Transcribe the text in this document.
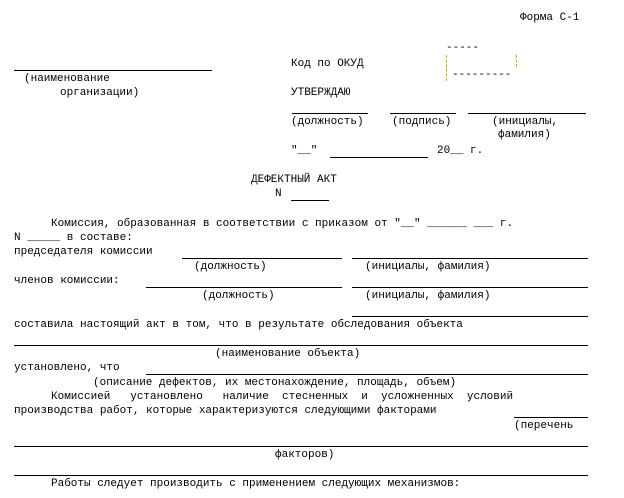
Форма С-1
(наименование
организации)
Код по ОКУД
-----
---------
УТВЕРЖДАЮ
(должность)	(подпись)	(инициалы,
фамилия)
"__"	20__ г.
ДЕФЕКТНЫЙ АКТ
N
Комиссия, образованная в соответствии с приказом от "__" ______ ___ г.
N _____ в составе:
председателя комиссии
(должность)	(инициалы, фамилия)
членов комиссии:
(должность)	(инициалы, фамилия)
составила настоящий акт в том, что в результате обследования объекта
(наименование объекта)
установлено, что
(описание дефектов, их местонахождение, площадь, объем)
Комиссией   установлено   наличие  стесненных  и  усложненных  условий
производства работ, которые характеризуются следующими факторами
(перечень
факторов)
Работы следует производить с применением следующих механизмов:
